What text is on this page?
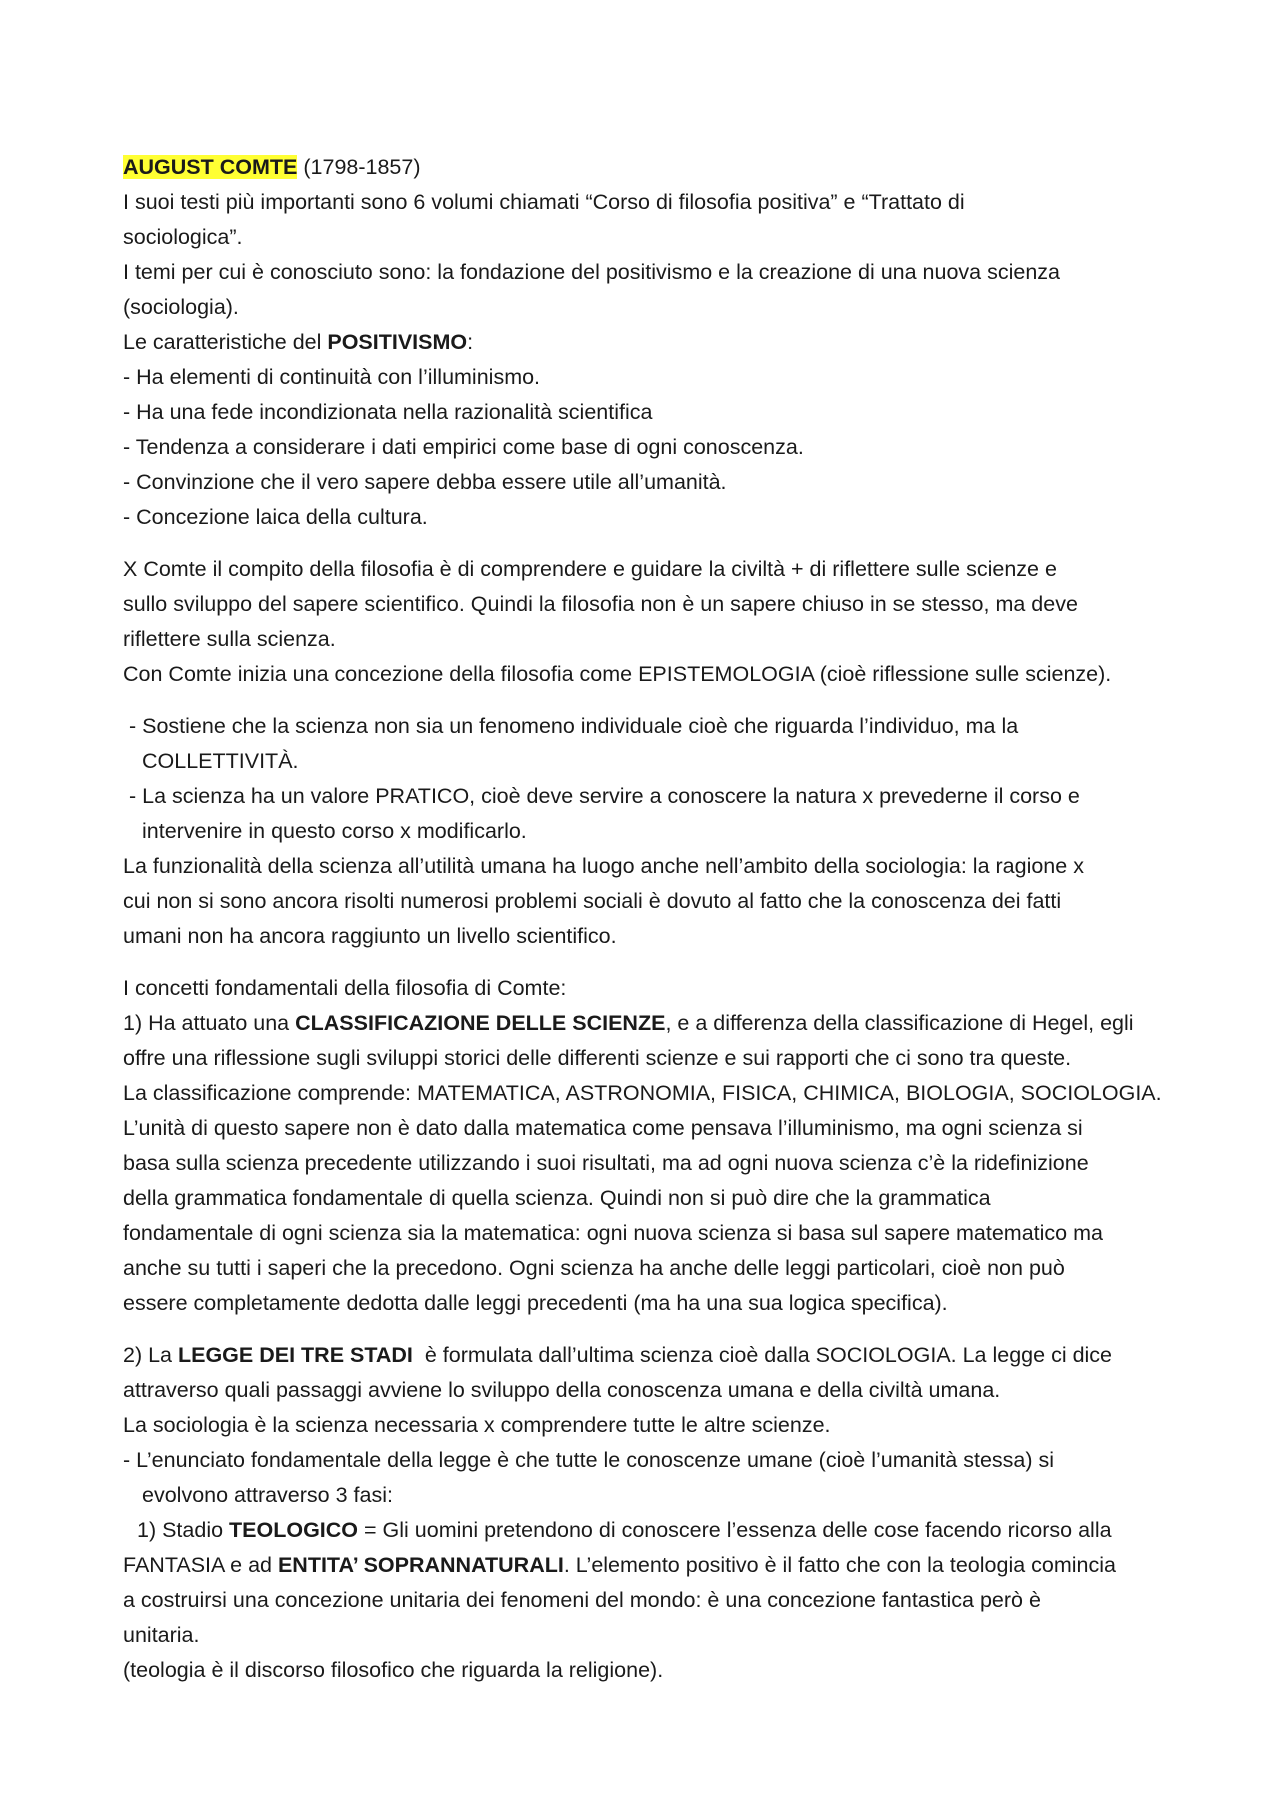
AUGUST COMTE (1798-1857)
I suoi testi più importanti sono 6 volumi chiamati “Corso di filosofia positiva” e “Trattato di
sociologica”.
I temi per cui è conosciuto sono: la fondazione del positivismo e la creazione di una nuova scienza
(sociologia).
Le caratteristiche del POSITIVISMO:
- Ha elementi di continuità con l’illuminismo.
- Ha una fede incondizionata nella razionalità scientifica
- Tendenza a considerare i dati empirici come base di ogni conoscenza.
- Convinzione che il vero sapere debba essere utile all’umanità.
- Concezione laica della cultura.
X Comte il compito della filosofia è di comprendere e guidare la civiltà + di riflettere sulle scienze e
sullo sviluppo del sapere scientifico. Quindi la filosofia non è un sapere chiuso in se stesso, ma deve
riflettere sulla scienza.
Con Comte inizia una concezione della filosofia come EPISTEMOLOGIA (cioè riflessione sulle scienze).
- Sostiene che la scienza non sia un fenomeno individuale cioè che riguarda l’individuo, ma la
COLLETTIVITÀ.
- La scienza ha un valore PRATICO, cioè deve servire a conoscere la natura x prevederne il corso e
intervenire in questo corso x modificarlo.
La funzionalità della scienza all’utilità umana ha luogo anche nell’ambito della sociologia: la ragione x
cui non si sono ancora risolti numerosi problemi sociali è dovuto al fatto che la conoscenza dei fatti
umani non ha ancora raggiunto un livello scientifico.
I concetti fondamentali della filosofia di Comte:
1) Ha attuato una CLASSIFICAZIONE DELLE SCIENZE, e a differenza della classificazione di Hegel, egli
offre una riflessione sugli sviluppi storici delle differenti scienze e sui rapporti che ci sono tra queste.
La classificazione comprende: MATEMATICA, ASTRONOMIA, FISICA, CHIMICA, BIOLOGIA, SOCIOLOGIA.
L’unità di questo sapere non è dato dalla matematica come pensava l’illuminismo, ma ogni scienza si
basa sulla scienza precedente utilizzando i suoi risultati, ma ad ogni nuova scienza c’è la ridefinizione
della grammatica fondamentale di quella scienza. Quindi non si può dire che la grammatica
fondamentale di ogni scienza sia la matematica: ogni nuova scienza si basa sul sapere matematico ma
anche su tutti i saperi che la precedono. Ogni scienza ha anche delle leggi particolari, cioè non può
essere completamente dedotta dalle leggi precedenti (ma ha una sua logica specifica).
2) La LEGGE DEI TRE STADI  è formulata dall’ultima scienza cioè dalla SOCIOLOGIA. La legge ci dice
attraverso quali passaggi avviene lo sviluppo della conoscenza umana e della civiltà umana.
La sociologia è la scienza necessaria x comprendere tutte le altre scienze.
- L’enunciato fondamentale della legge è che tutte le conoscenze umane (cioè l’umanità stessa) si
evolvono attraverso 3 fasi:
1) Stadio TEOLOGICO = Gli uomini pretendono di conoscere l’essenza delle cose facendo ricorso alla
FANTASIA e ad ENTITA’ SOPRANNATURALI. L’elemento positivo è il fatto che con la teologia comincia
a costruirsi una concezione unitaria dei fenomeni del mondo: è una concezione fantastica però è
unitaria.
(teologia è il discorso filosofico che riguarda la religione).
